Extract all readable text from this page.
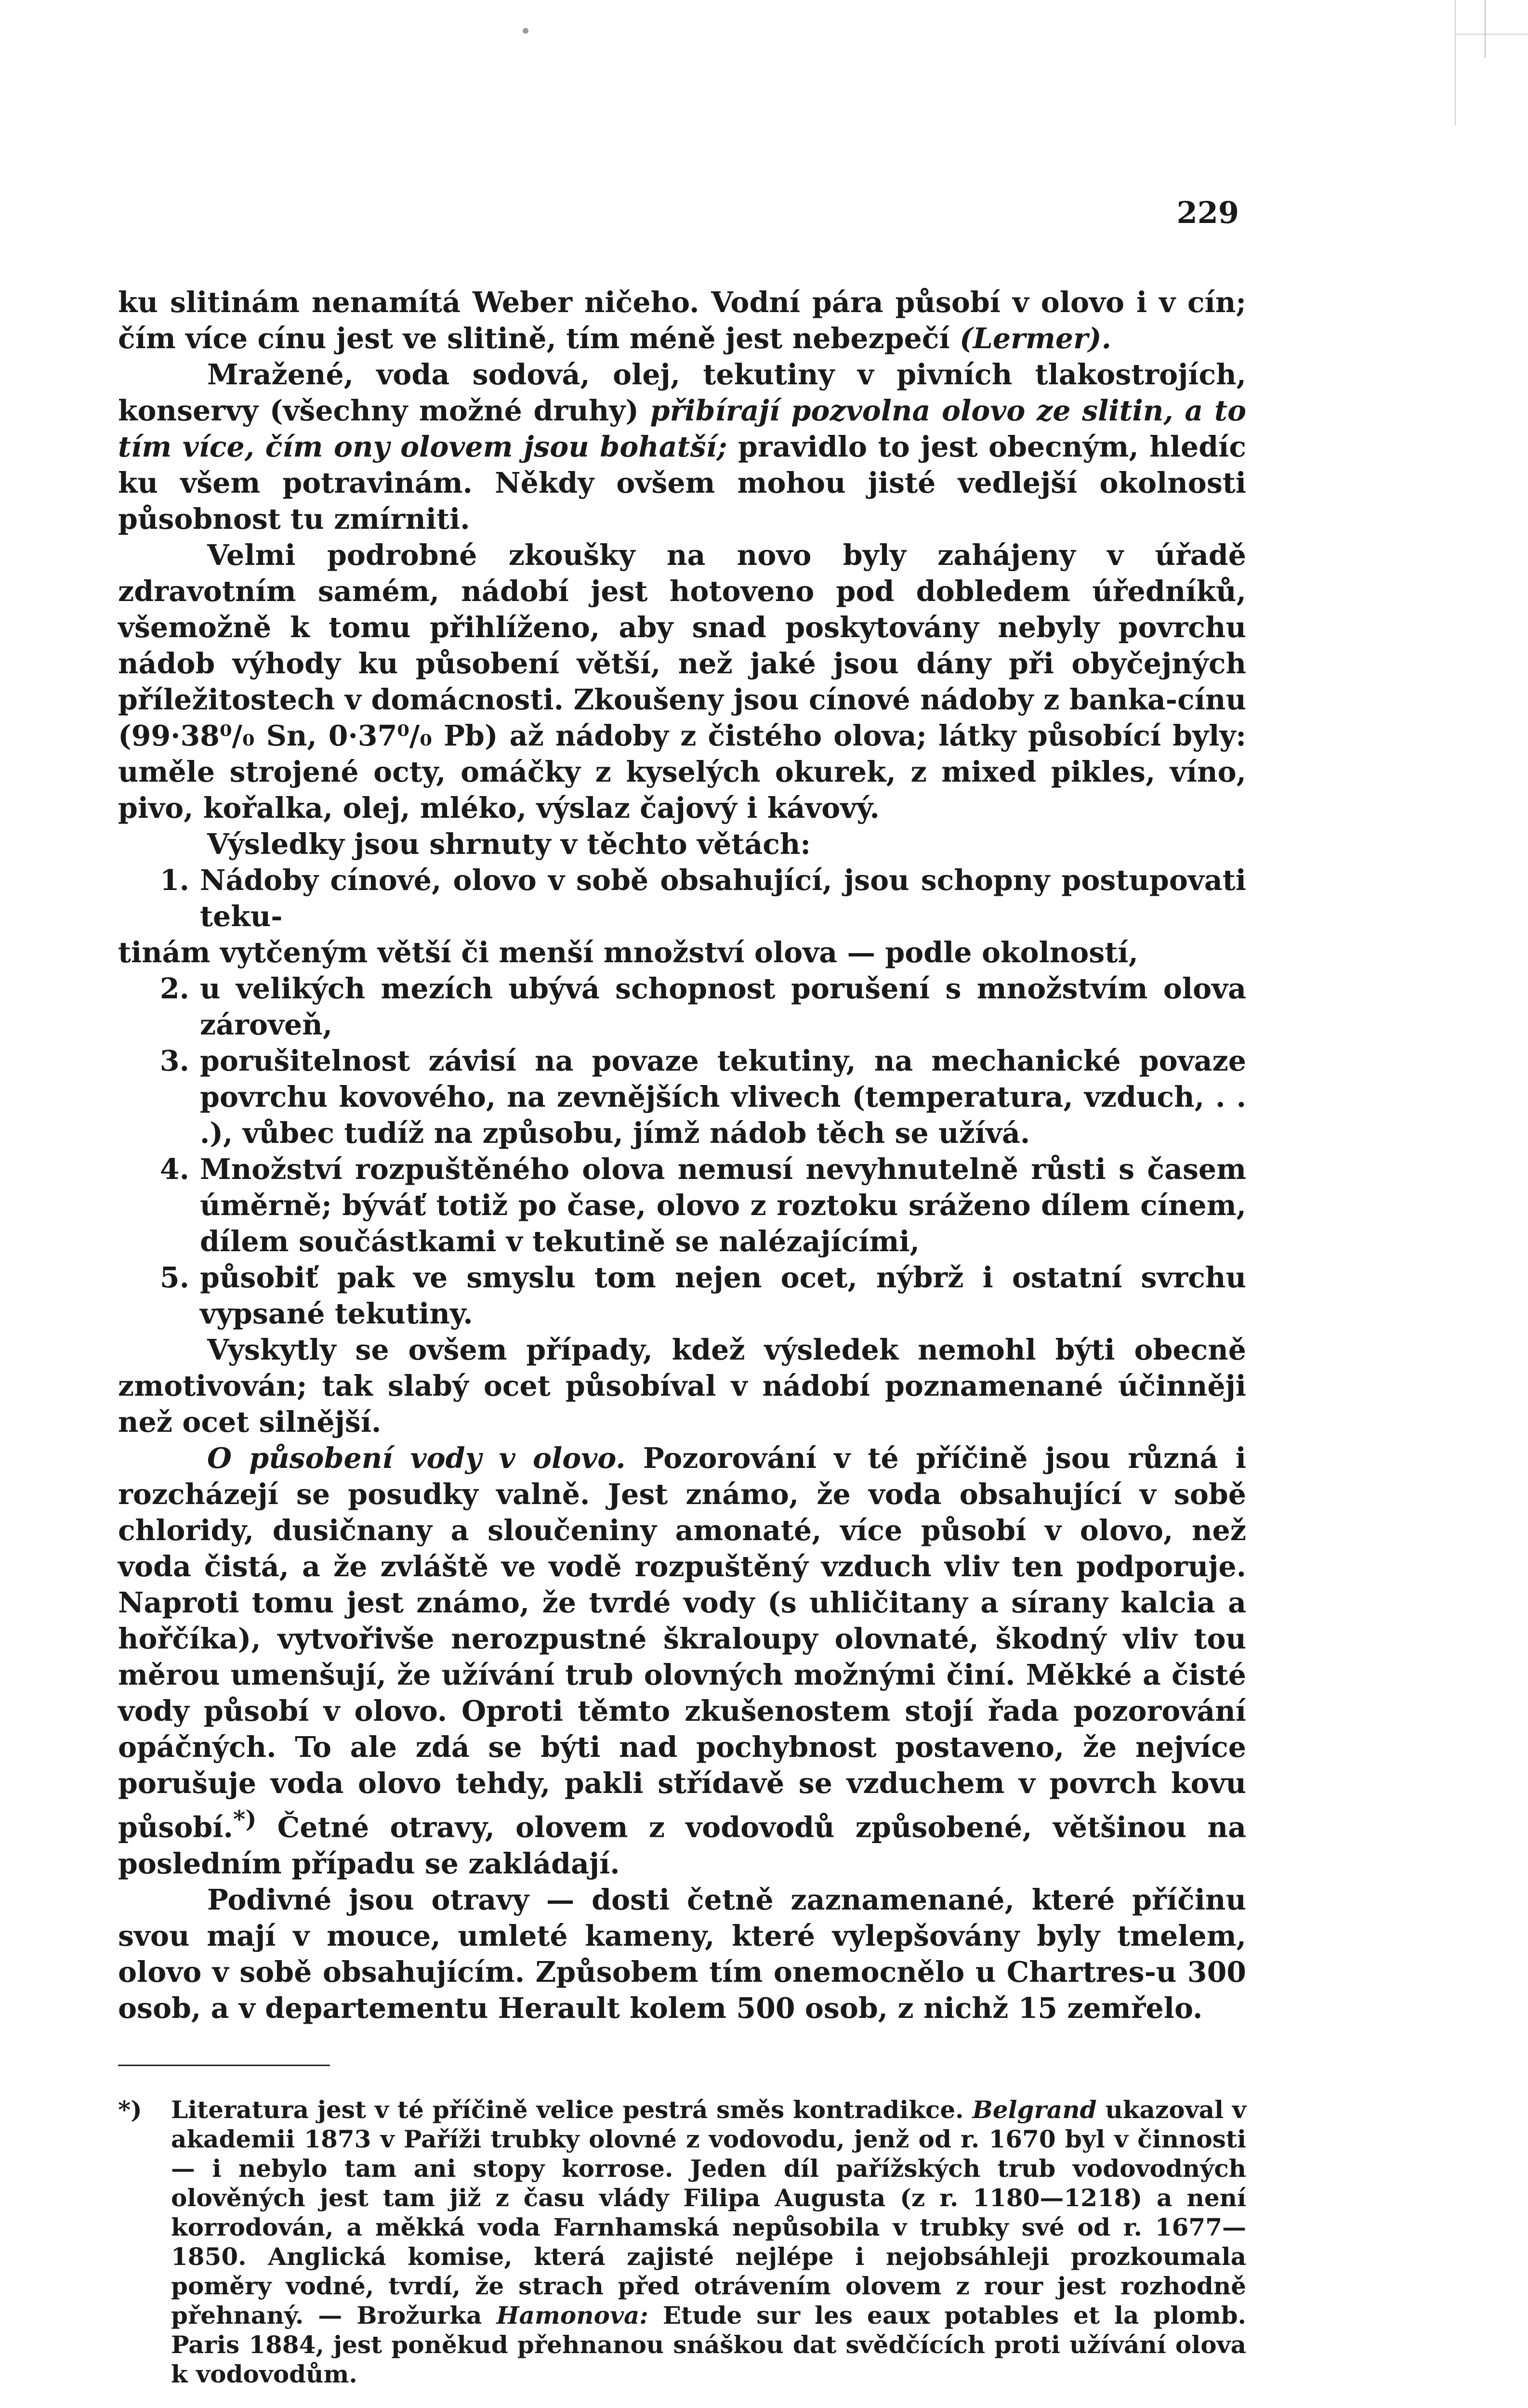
229

ku slitinám nenamítá Weber ničeho. Vodní pára působí v olovo i v cín; čím více cínu jest ve slitině, tím méně jest nebezpečí (Lermer).

Mražené, voda sodová, olej, tekutiny v pivních tlakostrojích, konservy (všechny možné druhy) přibírají pozvolna olovo ze slitin, a to tím více, čím ony olovem jsou bohatší; pravidlo to jest obecným, hledíc ku všem potravinám. Někdy ovšem mohou jisté vedlejší okolnosti působnost tu zmírniti.

Velmi podrobné zkoušky na novo byly zahájeny v úřadě zdravotním samém, nádobí jest hotoveno pod dobledem úředníků, všemožně k tomu přihlíženo, aby snad poskytovány nebyly povrchu nádob výhody ku působení větší, než jaké jsou dány při obyčejných příležitostech v domácnosti. Zkoušeny jsou cínové nádoby z banka-cínu (99·38⁰/₀ Sn, 0·37⁰/₀ Pb) až nádoby z čistého olova; látky působící byly: uměle strojené octy, omáčky z kyselých okurek, z mixed pikles, víno, pivo, kořalka, olej, mléko, výslaz čajový i kávový.

Výsledky jsou shrnuty v těchto větách:

1. Nádoby cínové, olovo v sobě obsahující, jsou schopny postupovati teku-

tinám vytčeným větší či menší množství olova — podle okolností,

2. u velikých mezích ubývá schopnost porušení s množstvím olova zároveň,
3. porušitelnost závisí na povaze tekutiny, na mechanické povaze povrchu kovového, na zevnějších vlivech (temperatura, vzduch, . . .), vůbec tudíž na způsobu, jímž nádob těch se užívá.
4. Množství rozpuštěného olova nemusí nevyhnutelně růsti s časem úměrně; býváť totiž po čase, olovo z roztoku sráženo dílem cínem, dílem součástkami v tekutině se nalézajícími,
5. působiť pak ve smyslu tom nejen ocet, nýbrž i ostatní svrchu vypsané tekutiny.

Vyskytly se ovšem případy, kdež výsledek nemohl býti obecně zmotivován; tak slabý ocet působíval v nádobí poznamenané účinněji než ocet silnější.

O působení vody v olovo. Pozorování v té příčině jsou různá i rozcházejí se posudky valně. Jest známo, že voda obsahující v sobě chloridy, dusičnany a sloučeniny amonaté, více působí v olovo, než voda čistá, a že zvláště ve vodě rozpuštěný vzduch vliv ten podporuje. Naproti tomu jest známo, že tvrdé vody (s uhličitany a sírany kalcia a hořčíka), vytvořivše nerozpustné škraloupy olovnaté, škodný vliv tou měrou umenšují, že užívání trub olovných možnými činí. Měkké a čisté vody působí v olovo. Oproti těmto zkušenostem stojí řada pozorování opáčných. To ale zdá se býti nad pochybnost postaveno, že nejvíce porušuje voda olovo tehdy, pakli střídavě se vzduchem v povrch kovu působí.*) Četné otravy, olovem z vodovodů způsobené, většinou na posledním případu se zakládají.

Podivné jsou otravy — dosti četně zaznamenané, které příčinu svou mají v mouce, umleté kameny, které vylepšovány byly tmelem, olovo v sobě obsahujícím. Způsobem tím onemocnělo u Chartres-u 300 osob, a v departementu Herault kolem 500 osob, z nichž 15 zemřelo.

*) Literatura jest v té příčině velice pestrá směs kontradikce. Belgrand ukazoval v akademii 1873 v Paříži trubky olovné z vodovodu, jenž od r. 1670 byl v činnosti — i nebylo tam ani stopy korrose. Jeden díl pařížských trub vodovodných olověných jest tam již z času vlády Filipa Augusta (z r. 1180—1218) a není korrodován, a měkká voda Farnhamská nepůsobila v trubky své od r. 1677—1850. Anglická komise, která zajisté nejlépe i nejobsáhleji prozkoumala poměry vodné, tvrdí, že strach před otrávením olovem z rour jest rozhodně přehnaný. — Brožurka Hamonova: Etude sur les eaux potables et la plomb. Paris 1884, jest poněkud přehnanou snáškou dat svědčících proti užívání olova k vodovodům.
